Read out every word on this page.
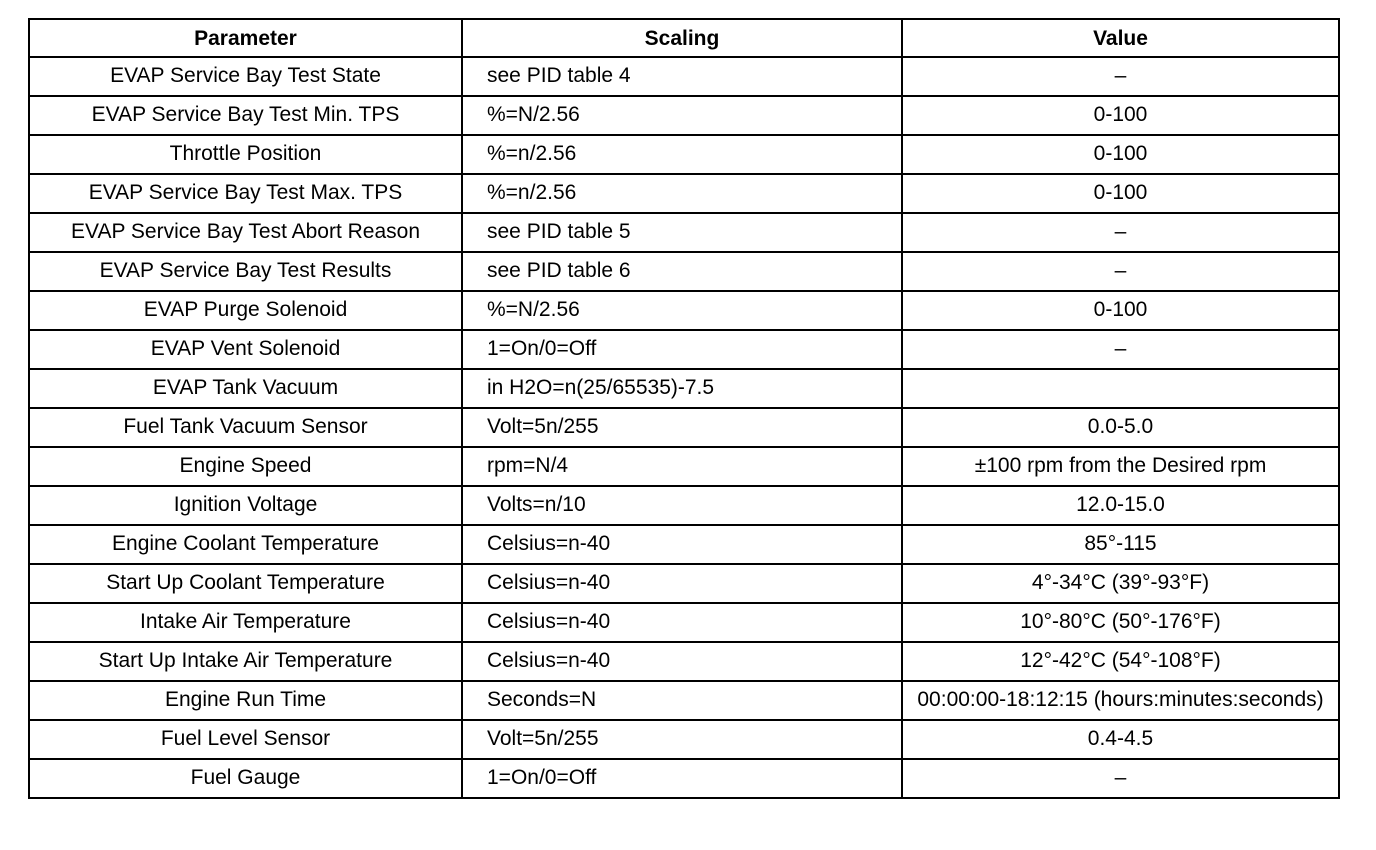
Parameter	Scaling	Value
EVAP Service Bay Test State	see PID table 4	–
EVAP Service Bay Test Min. TPS	%=N/2.56	0-100
Throttle Position	%=n/2.56	0-100
EVAP Service Bay Test Max. TPS	%=n/2.56	0-100
EVAP Service Bay Test Abort Reason	see PID table 5	–
EVAP Service Bay Test Results	see PID table 6	–
EVAP Purge Solenoid	%=N/2.56	0-100
EVAP Vent Solenoid	1=On/0=Off	–
EVAP Tank Vacuum	in H2O=n(25/65535)-7.5	
Fuel Tank Vacuum Sensor	Volt=5n/255	0.0-5.0
Engine Speed	rpm=N/4	±100 rpm from the Desired rpm
Ignition Voltage	Volts=n/10	12.0-15.0
Engine Coolant Temperature	Celsius=n-40	85°-115
Start Up Coolant Temperature	Celsius=n-40	4°-34°C (39°-93°F)
Intake Air Temperature	Celsius=n-40	10°-80°C (50°-176°F)
Start Up Intake Air Temperature	Celsius=n-40	12°-42°C (54°-108°F)
Engine Run Time	Seconds=N	00:00:00-18:12:15 (hours:minutes:seconds)
Fuel Level Sensor	Volt=5n/255	0.4-4.5
Fuel Gauge	1=On/0=Off	–
